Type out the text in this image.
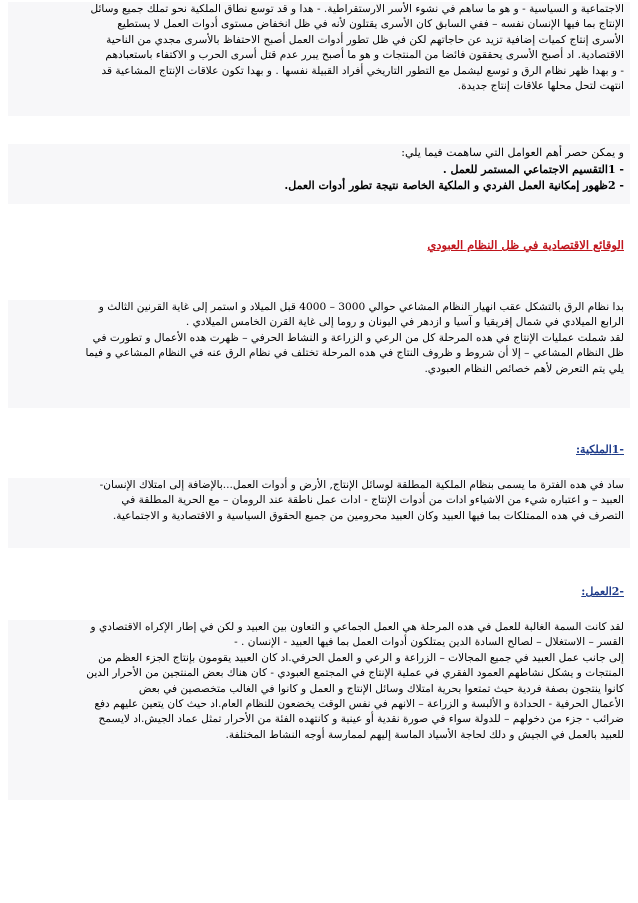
الاجتماعية و السياسية - و هو ما ساهم في نشوء الأسر الارستقراطية. - هدا و قد توسع نطاق الملكية نحو تملك جميع وسائل

الإنتاج بما فيها الإنسان نفسه – ففي السابق كان الأسرى يقتلون لأنه في ظل انخفاض مستوى أدوات العمل لا يستطيع

الأسرى إنتاج كميات إضافية تزيد عن حاجاتهم لكن في ظل تطور أدوات العمل أصبح الاحتفاظ بالأسرى مجدي من الناحية

الاقتصادية. اد أصبح الأسرى يحققون فائضا من المنتجات و هو ما أصبح يبرر عدم قتل أسرى الحرب و الاكتفاء باستعبادهم

- و بهدا ظهر نظام الرق و توسع ليشمل مع التطور التاريخي أفراد القبيلة نفسها . و بهدا تكون علاقات الإنتاج المشاعية قد

انتهت لتحل محلها علاقات إنتاج جديدة.

و يمكن حصر أهم العوامل التي ساهمت فيما يلي:

- 1التقسيم الاجتماعي المستمر للعمل .

- 2ظهور إمكانية العمل الفردي و الملكية الخاصة نتيجة تطور أدوات العمل.

الوقائع الاقتصادية في ظل النظام العبودي

بدا نظام الرق بالتشكل عقب انهيار النظام المشاعي حوالي 3000 – 4000 قبل الميلاد و استمر إلى غاية القرنين الثالث و

الرابع الميلادي في شمال إفريقيا و آسيا و ازدهر في اليونان و روما إلى غاية القرن الخامس الميلادي .

لقد شملت عمليات الإنتاج في هده المرحلة كل من الرعي و الزراعة و النشاط الحرفي – ظهرت هده الأعمال و تطورت في

ظل النظام المشاعي – إلا أن شروط و ظروف النتاج في هده المرحلة تختلف في نظام الرق عنه في النظام المشاعي و فيما

يلي يتم التعرض لأهم خصائص النظام العبودي.

-1الملكية:

ساد في هده الفترة ما يسمى بنظام الملكية المطلقة لوسائل الإنتاج, الأرض و أدوات العمل...بالإضافة إلى امتلاك الإنسان-

العبيد – و اعتباره شيء من الاشياءو ادات من أدوات الإنتاج - ادات عمل ناطقة عند الرومان – مع الحرية المطلقة في

التصرف في هده الممتلكات بما فيها العبيد وكان العبيد محرومين من جميع الحقوق السياسية و الاقتصادية و الاجتماعية.

-2العمل:

لقد كانت السمة الغالبة للعمل في هده المرحلة هي العمل الجماعي و التعاون بين العبيد و لكن في إطار الإكراه الاقتصادي و

القسر – الاستغلال – لصالح السادة الدين يمتلكون أدوات العمل بما فيها العبيد - الإنسان . -

إلى جانب عمل العبيد في جميع المجالات – الزراعة و الرعي و العمل الحرفي.اد كان العبيد يقومون بإنتاج الجزء العظم من

المنتجات و يشكل نشاطهم العمود الفقري في عملية الإنتاج في المجتمع العبودي - كان هناك بعض المنتجين من الأحرار الدين

كانوا ينتجون بصفة فردية حيث تمتعوا بحرية امتلاك وسائل الإنتاج و العمل و كانوا في الغالب متخصصين في بعض

الأعمال الحرفية - الحدادة و الألبسة و الزراعة – الانهم في نفس الوقت يخضعون للنظام العام.اد حيث كان يتعين عليهم دفع

ضرائب - جزء من دخولهم – للدولة سواء في صورة نقدية أو عينية و كانتهده الفئة من الأحرار تمثل عماد الجيش.اد لايسمح

للعبيد بالعمل في الجيش و دلك لحاجة الأسياد الماسة إليهم لممارسة أوجه النشاط المختلفة.
